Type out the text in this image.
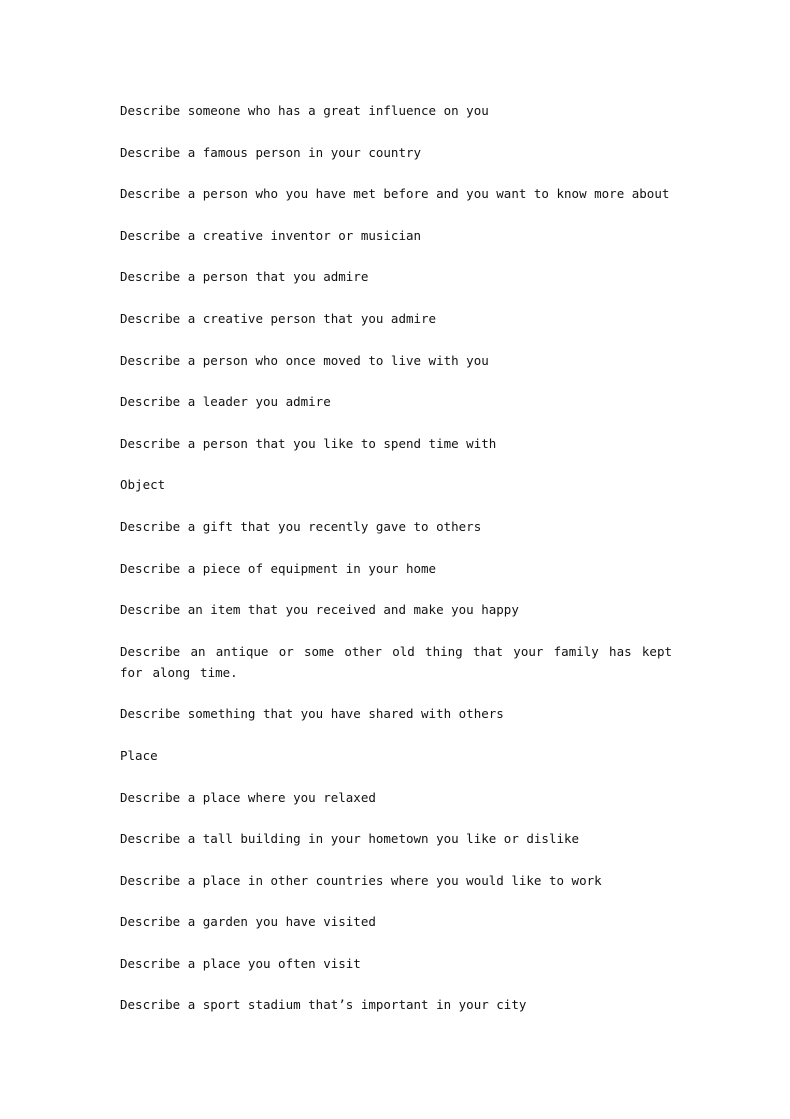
Describe someone who has a great influence on you
Describe a famous person in your country
Describe a person who you have met before and you want to know more about
Describe a creative inventor or musician
Describe a person that you admire
Describe a creative person that you admire
Describe a person who once moved to live with you
Describe a leader you admire
Describe a person that you like to spend time with
Object
Describe a gift that you recently gave to others
Describe a piece of equipment in your home
Describe an item that you received and make you happy
Describe an antique or some other old thing that your family has kept for along time.
Describe something that you have shared with others
Place
Describe a place where you relaxed
Describe a tall building in your hometown you like or dislike
Describe a place in other countries where you would like to work
Describe a garden you have visited
Describe a place you often visit
Describe a sport stadium that’s important in your city
